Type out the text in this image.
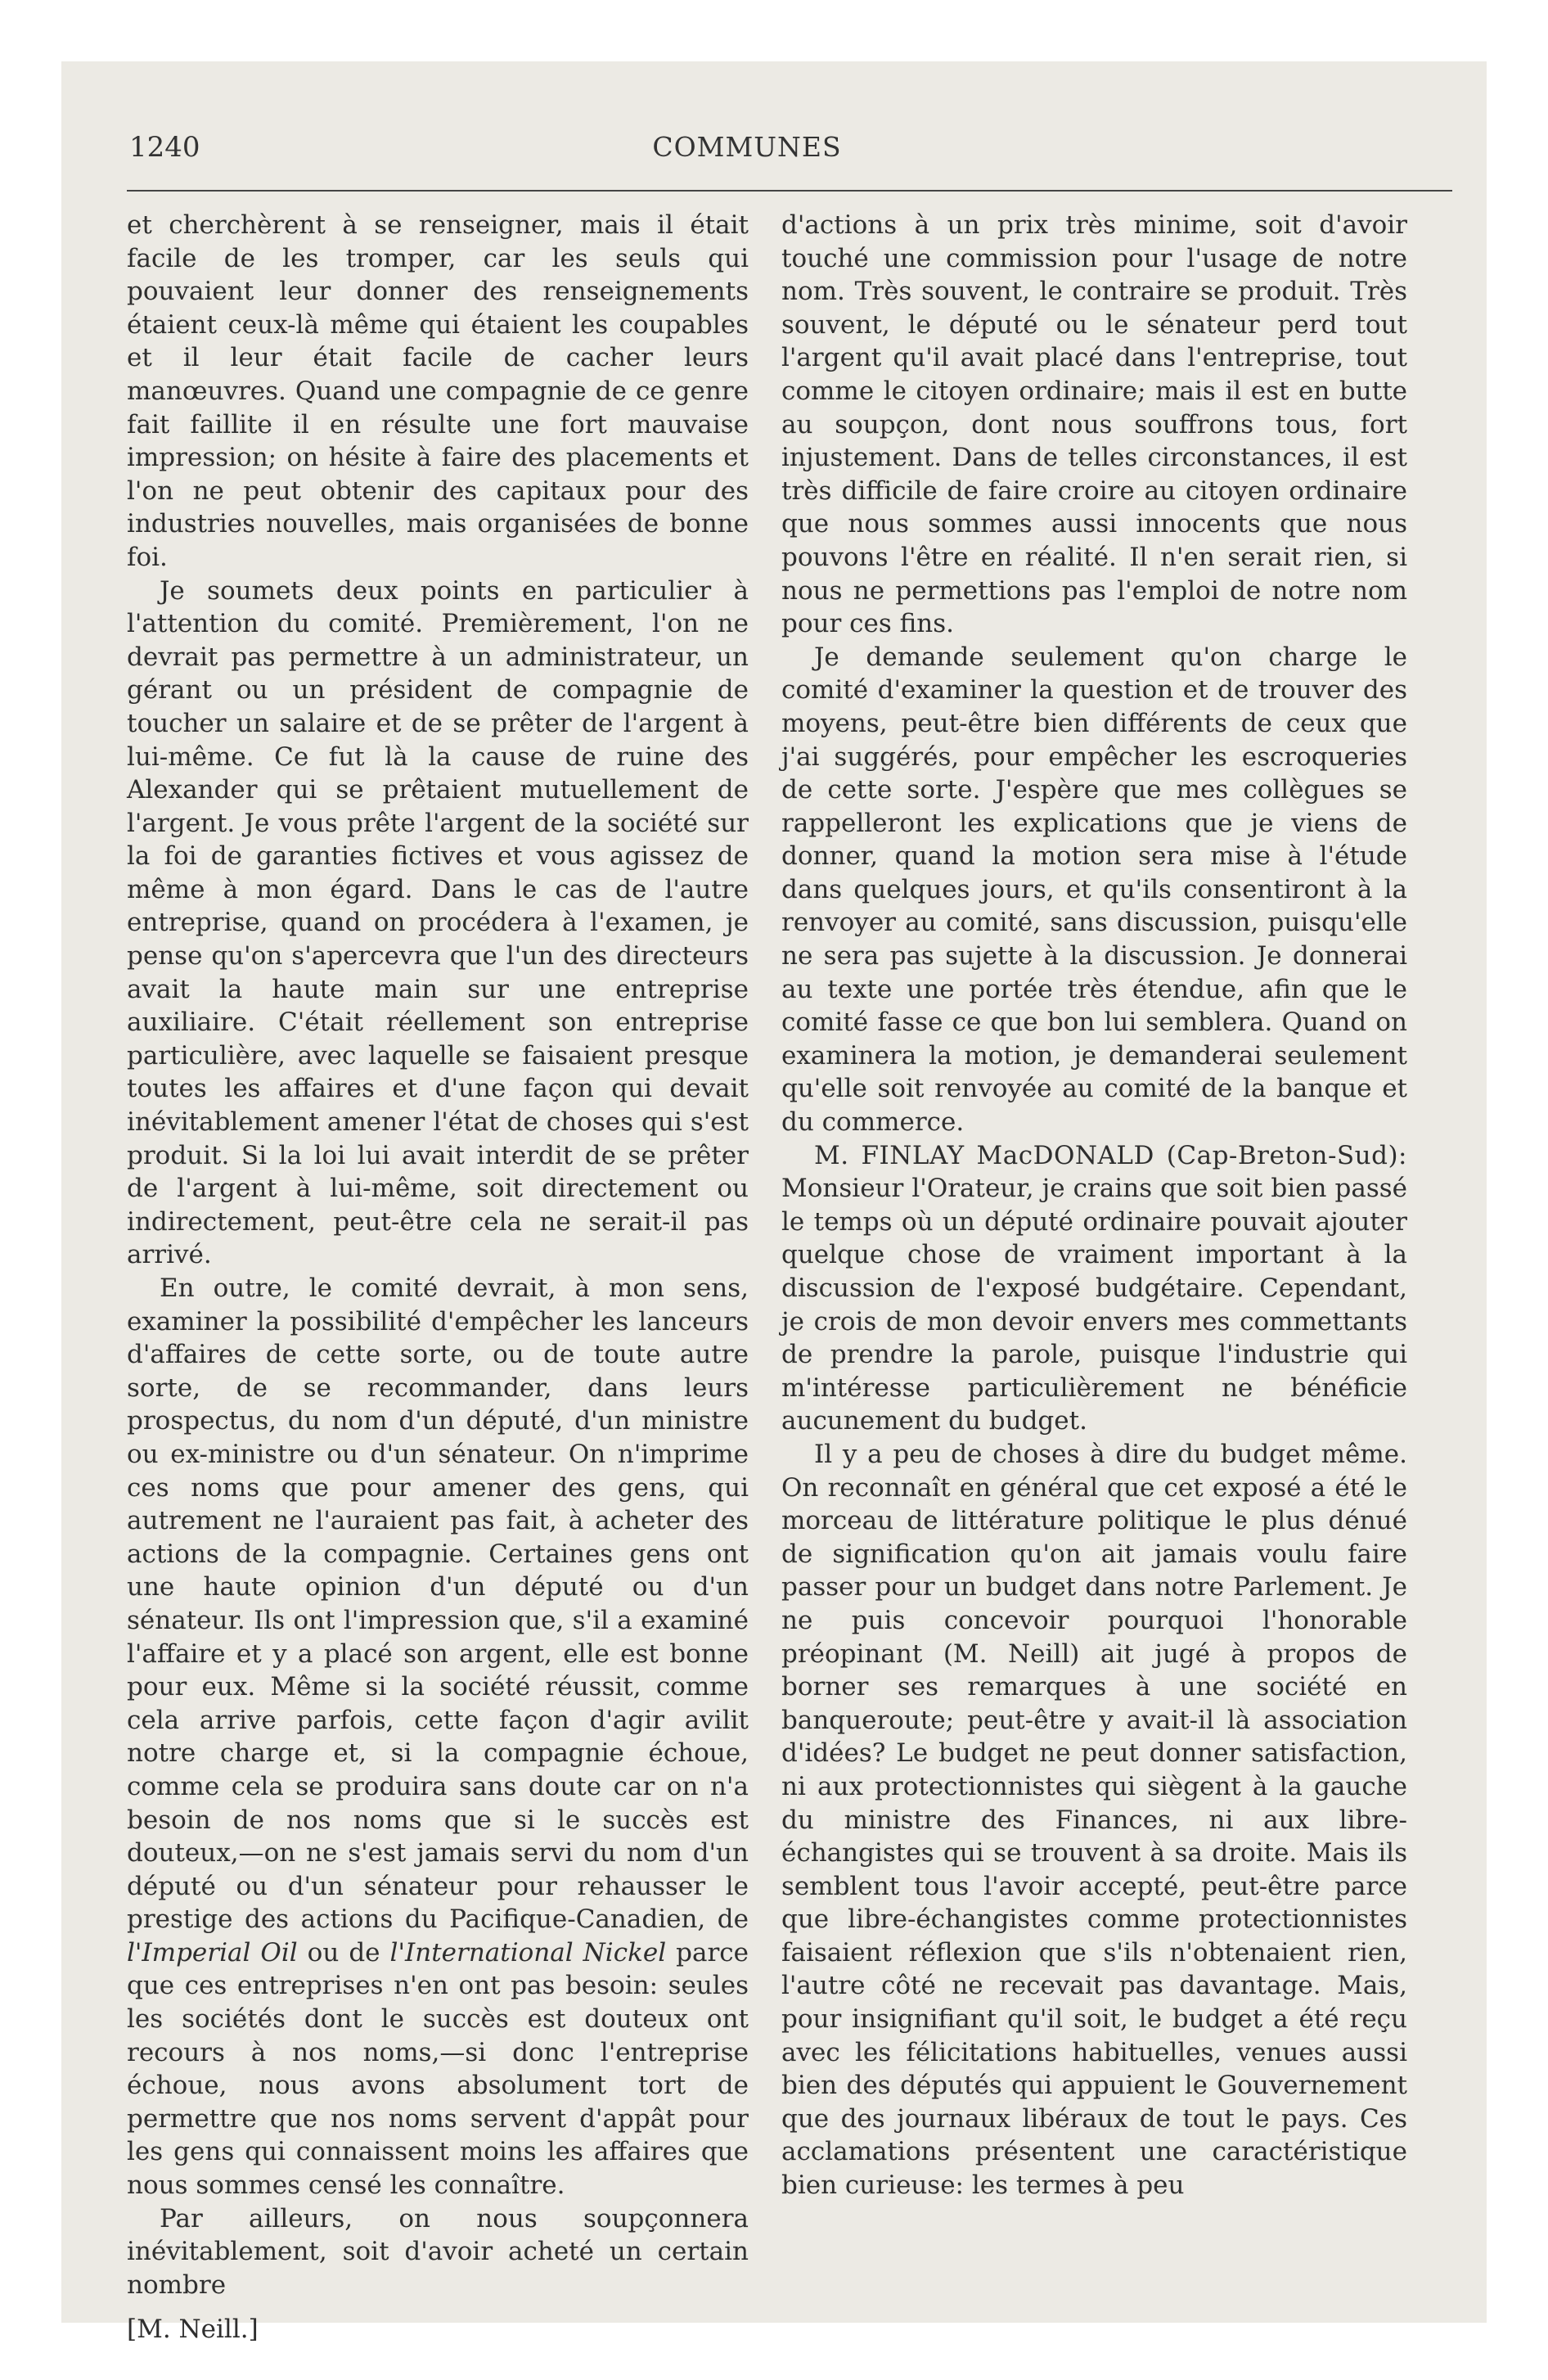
1240	COMMUNES

et cherchèrent à se renseigner, mais il était facile de les tromper, car les seuls qui pouvaient leur donner des renseignements étaient ceux-là même qui étaient les coupables et il leur était facile de cacher leurs manœuvres. Quand une compagnie de ce genre fait faillite il en résulte une fort mauvaise impression; on hésite à faire des placements et l'on ne peut obtenir des capitaux pour des industries nouvelles, mais organisées de bonne foi.

Je soumets deux points en particulier à l'attention du comité. Premièrement, l'on ne devrait pas permettre à un administrateur, un gérant ou un président de compagnie de toucher un salaire et de se prêter de l'argent à lui-même. Ce fut là la cause de ruine des Alexander qui se prêtaient mutuellement de l'argent. Je vous prête l'argent de la société sur la foi de garanties fictives et vous agissez de même à mon égard. Dans le cas de l'autre entreprise, quand on procédera à l'examen, je pense qu'on s'apercevra que l'un des directeurs avait la haute main sur une entreprise auxiliaire. C'était réellement son entreprise particulière, avec laquelle se faisaient presque toutes les affaires et d'une façon qui devait inévitablement amener l'état de choses qui s'est produit. Si la loi lui avait interdit de se prêter de l'argent à lui-même, soit directement ou indirectement, peut-être cela ne serait-il pas arrivé.

En outre, le comité devrait, à mon sens, examiner la possibilité d'empêcher les lanceurs d'affaires de cette sorte, ou de toute autre sorte, de se recommander, dans leurs prospectus, du nom d'un député, d'un ministre ou ex-ministre ou d'un sénateur. On n'imprime ces noms que pour amener des gens, qui autrement ne l'auraient pas fait, à acheter des actions de la compagnie. Certaines gens ont une haute opinion d'un député ou d'un sénateur. Ils ont l'impression que, s'il a examiné l'affaire et y a placé son argent, elle est bonne pour eux. Même si la société réussit, comme cela arrive parfois, cette façon d'agir avilit notre charge et, si la compagnie échoue, comme cela se produira sans doute car on n'a besoin de nos noms que si le succès est douteux,—on ne s'est jamais servi du nom d'un député ou d'un sénateur pour rehausser le prestige des actions du Pacifique-Canadien, de l'Imperial Oil ou de l'International Nickel parce que ces entreprises n'en ont pas besoin: seules les sociétés dont le succès est douteux ont recours à nos noms,—si donc l'entreprise échoue, nous avons absolument tort de permettre que nos noms servent d'appât pour les gens qui connaissent moins les affaires que nous sommes censé les connaître.

Par ailleurs, on nous soupçonnera inévitablement, soit d'avoir acheté un certain nombre

[M. Neill.]

d'actions à un prix très minime, soit d'avoir touché une commission pour l'usage de notre nom. Très souvent, le contraire se produit. Très souvent, le député ou le sénateur perd tout l'argent qu'il avait placé dans l'entreprise, tout comme le citoyen ordinaire; mais il est en butte au soupçon, dont nous souffrons tous, fort injustement. Dans de telles circonstances, il est très difficile de faire croire au citoyen ordinaire que nous sommes aussi innocents que nous pouvons l'être en réalité. Il n'en serait rien, si nous ne permettions pas l'emploi de notre nom pour ces fins.

Je demande seulement qu'on charge le comité d'examiner la question et de trouver des moyens, peut-être bien différents de ceux que j'ai suggérés, pour empêcher les escroqueries de cette sorte. J'espère que mes collègues se rappelleront les explications que je viens de donner, quand la motion sera mise à l'étude dans quelques jours, et qu'ils consentiront à la renvoyer au comité, sans discussion, puisqu'elle ne sera pas sujette à la discussion. Je donnerai au texte une portée très étendue, afin que le comité fasse ce que bon lui semblera. Quand on examinera la motion, je demanderai seulement qu'elle soit renvoyée au comité de la banque et du commerce.

M. FINLAY MacDONALD (Cap-Breton-Sud): Monsieur l'Orateur, je crains que soit bien passé le temps où un député ordinaire pouvait ajouter quelque chose de vraiment important à la discussion de l'exposé budgétaire. Cependant, je crois de mon devoir envers mes commettants de prendre la parole, puisque l'industrie qui m'intéresse particulièrement ne bénéficie aucunement du budget.

Il y a peu de choses à dire du budget même. On reconnaît en général que cet exposé a été le morceau de littérature politique le plus dénué de signification qu'on ait jamais voulu faire passer pour un budget dans notre Parlement. Je ne puis concevoir pourquoi l'honorable préopinant (M. Neill) ait jugé à propos de borner ses remarques à une société en banqueroute; peut-être y avait-il là association d'idées? Le budget ne peut donner satisfaction, ni aux protectionnistes qui siègent à la gauche du ministre des Finances, ni aux libre-échangistes qui se trouvent à sa droite. Mais ils semblent tous l'avoir accepté, peut-être parce que libre-échangistes comme protectionnistes faisaient réflexion que s'ils n'obtenaient rien, l'autre côté ne recevait pas davantage. Mais, pour insignifiant qu'il soit, le budget a été reçu avec les félicitations habituelles, venues aussi bien des députés qui appuient le Gouvernement que des journaux libéraux de tout le pays. Ces acclamations présentent une caractéristique bien curieuse: les termes à peu
